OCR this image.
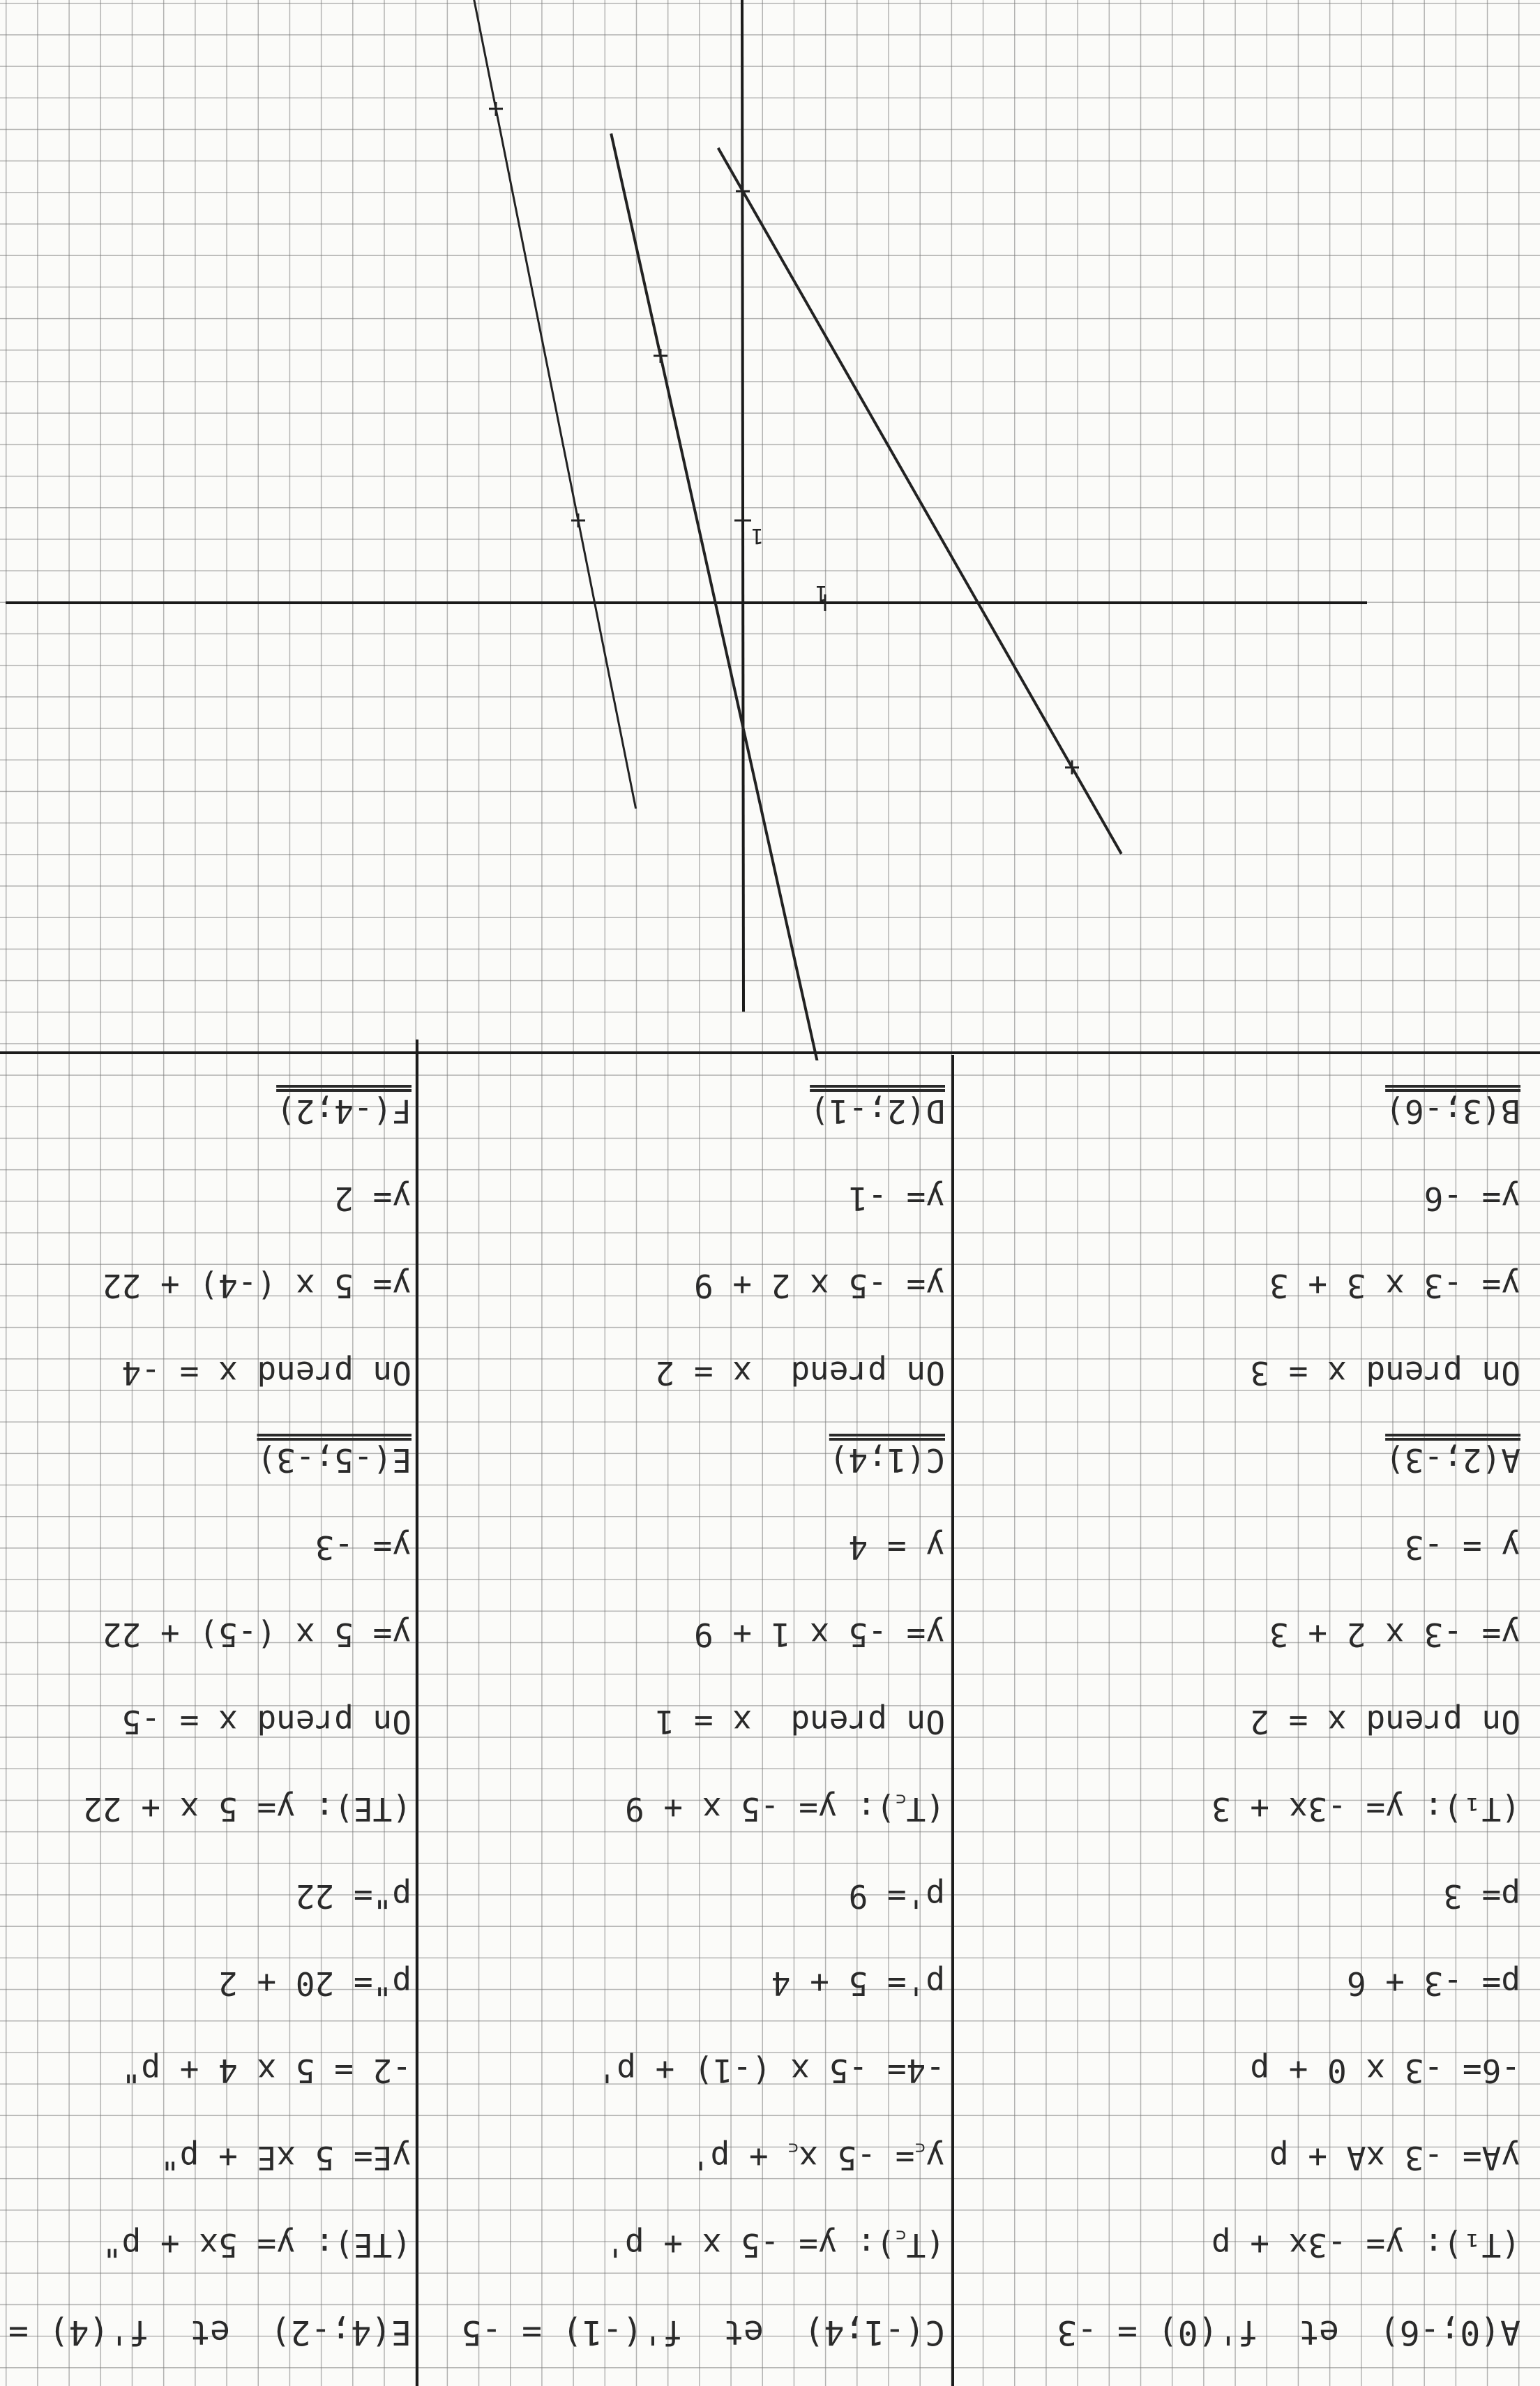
1
1
E(4;-2)  et  f'(4) =
(TE): y= 5x + p"
yE= 5 xE + p"
-2 = 5 x 4 + p"
p"= 20 + 2
p"= 22
(TE): y= 5 x + 22
On prend x = -5
y= 5 x (-5) + 22
y= -3
E(-5;-3)
On prend x = -4
y= 5 x (-4) + 22
y= 2
F(-4;2)
C(-1;4)  et  f'(-1) = -5
(T꜀): y= -5 x + p'
y꜀= -5 x꜀ + p'
-4= -5 x (-1) + p'
p'= 5 + 4
p'= 9
(T꜀): y= -5 x + 9
On prend  x = 1
y= -5 x 1 + 9
y = 4
C(1;4)
On prend  x = 2
y= -5 x 2 + 9
y= -1
D(2;-1)
A(0;-6)  et  f'(0) = -3
(T₁): y= -3x + p
yA= -3 xA + p
-6= -3 x 0 + p
p= -3 + 6
p= 3
(T₁): y= -3x + 3
On prend x = 2
y= -3 x 2 + 3
y = -3
A(2;-3)
On prend x = 3
y= -3 x 3 + 3
y= -6
B(3;-6)
